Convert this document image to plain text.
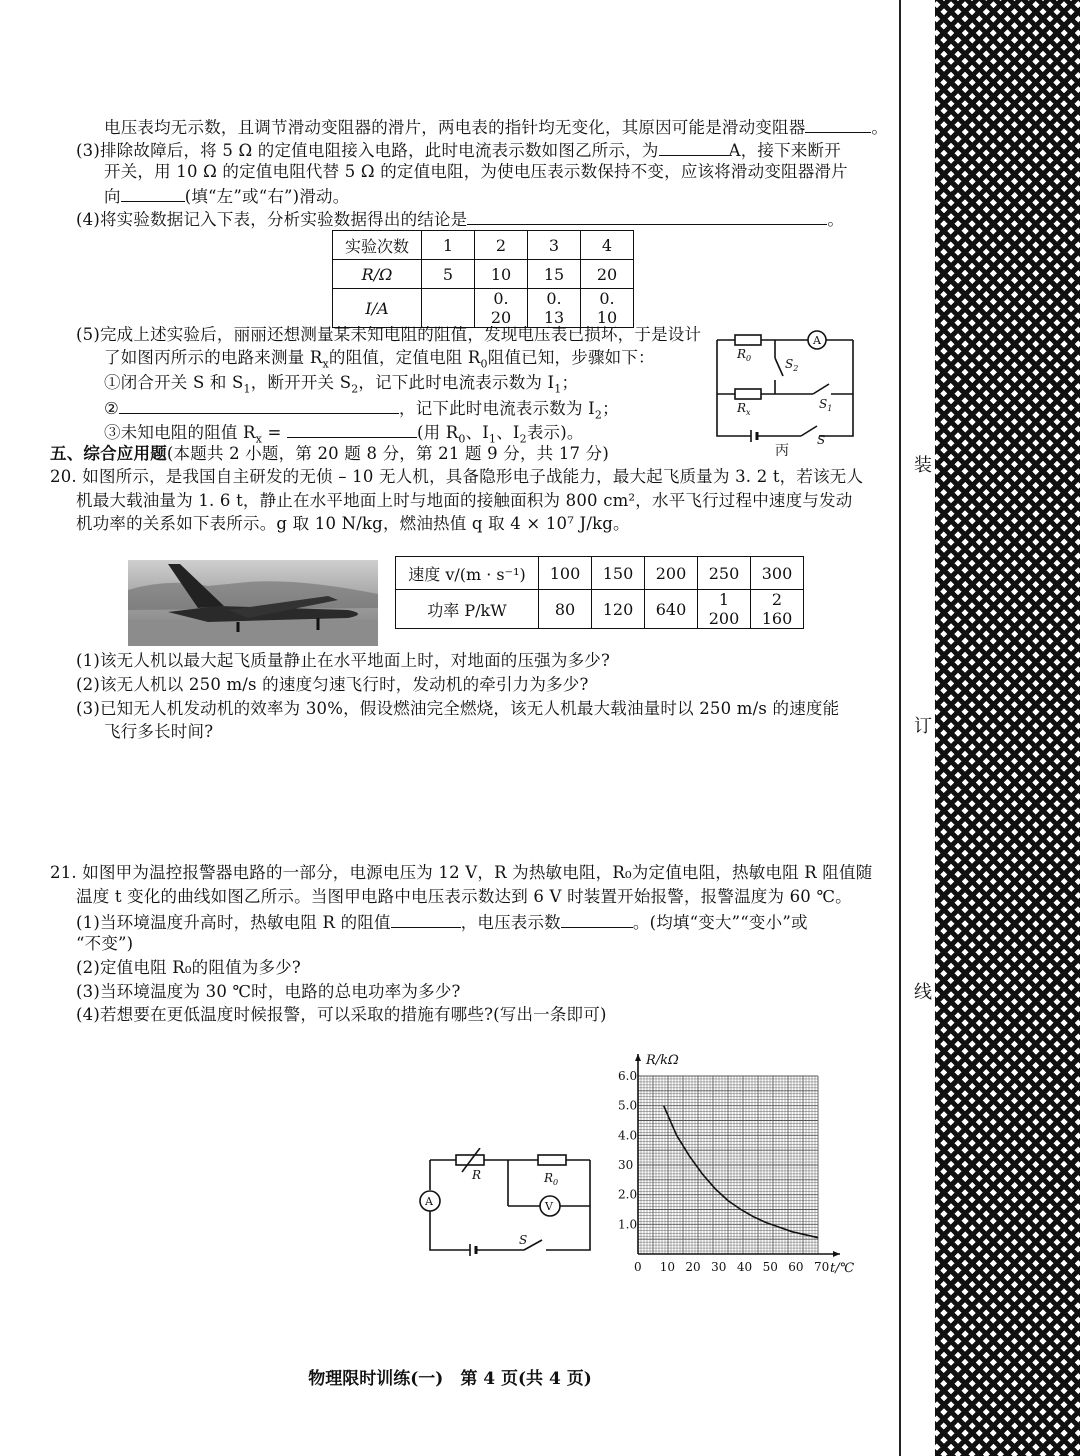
电压表均无示数，且调节滑动变阻器的滑片，两电表的指针均无变化，其原因可能是滑动变阻器	。
(3)排除故障后，将 5 Ω 的定值电阻接入电路，此时电流表示数如图乙所示，为	A，接下来断开
开关，用 10 Ω 的定值电阻代替 5 Ω 的定值电阻，为使电压表示数保持不变，应该将滑动变阻器滑片
向	(填“左”或“右”)滑动。
(4)将实验数据记入下表，分析实验数据得出的结论是	。
实验次数	1	2	3	4
R/Ω	5	10	15	20
I/A		0. 20	0. 13	0. 10
(5)完成上述实验后，丽丽还想测量某未知电阻的阻值，发现电压表已损坏，于是设计
了如图丙所示的电路来测量 $R_x$的阻值，定值电阻 $R_0$阻值已知，步骤如下：
①闭合开关 S 和 $S_1$，断开开关 $S_2$，记下此时电流表示数为 $I_1$；
②	，记下此时电流表示数为 $I_2$；
③未知电阻的阻值 $R_x$ =	(用 $R_0$、$I_1$、$I_2$表示)。
$R_0$
$R_x$
A
$S_2$
$S_1$
S
丙
五、综合应用题(本题共 2 小题，第 20 题 8 分，第 21 题 9 分，共 17 分)
20. 如图所示，是我国自主研发的无侦 – 10 无人机，具备隐形电子战能力，最大起飞质量为 3. 2 t，若该无人
机最大载油量为 1. 6 t，静止在水平地面上时与地面的接触面积为 800 cm²，水平飞行过程中速度与发动
机功率的关系如下表所示。g 取 10 N/kg，燃油热值 q 取 4 × 10⁷ J/kg。
速度 v/(m · s⁻¹)	100	150	200	250	300
功率 P/kW	80	120	640	1 200	2 160
(1)该无人机以最大起飞质量静止在水平地面上时，对地面的压强为多少?
(2)该无人机以 250 m/s 的速度匀速飞行时，发动机的牵引力为多少?
(3)已知无人机发动机的效率为 30%，假设燃油完全燃烧，该无人机最大载油量时以 250 m/s 的速度能
飞行多长时间?
21. 如图甲为温控报警器电路的一部分，电源电压为 12 V，R 为热敏电阻，R₀为定值电阻，热敏电阻 R 阻值随
温度 t 变化的曲线如图乙所示。当图甲电路中电压表示数达到 6 V 时装置开始报警，报警温度为 60 ℃。
(1)当环境温度升高时，热敏电阻 R 的阻值	，电压表示数	。(均填“变大”“变小”或
“不变”)
(2)定值电阻 R₀的阻值为多少?
(3)当环境温度为 30 ℃时，电路的总电功率为多少?
(4)若想要在更低温度时候报警，可以采取的措施有哪些?(写出一条即可)
A	V
R	$R_0$
S
0 10 20 30 40 50 60 70
1.0
2.0
30
4.0
5.0
6.0
R/kΩ
t/℃
物理限时训练(一)　第 4 页(共 4 页)
装
订
线
